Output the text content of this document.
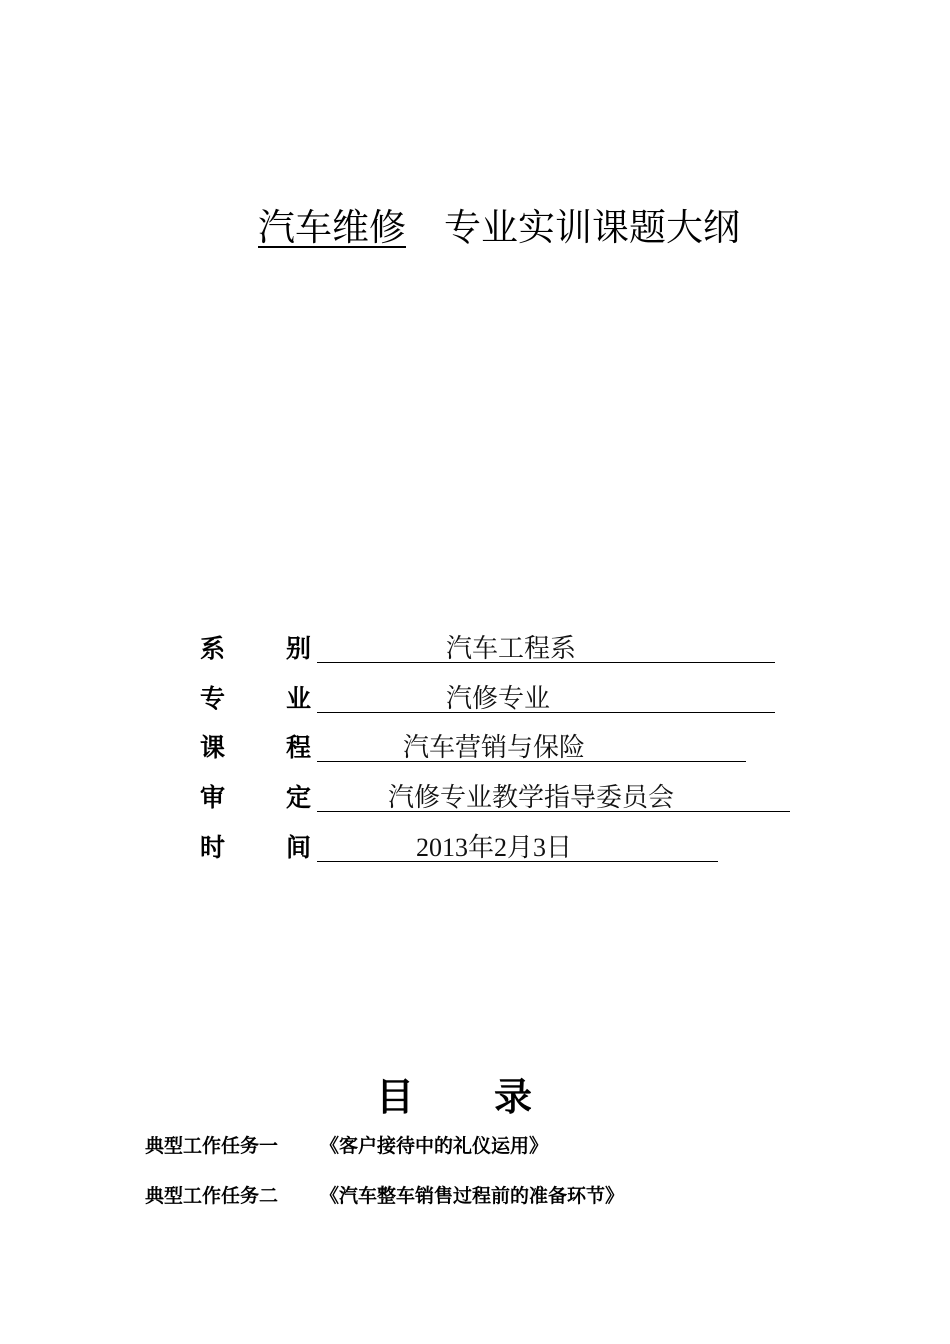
汽车维修 专业实训课题大纲
系 别	汽车工程系
专 业	汽修专业
课 程	汽车营销与保险
审 定	汽修专业教学指导委员会
时 间	2013年2月3日
目 录
典型工作任务一 《客户接待中的礼仪运用》
典型工作任务二 《汽车整车销售过程前的准备环节》
